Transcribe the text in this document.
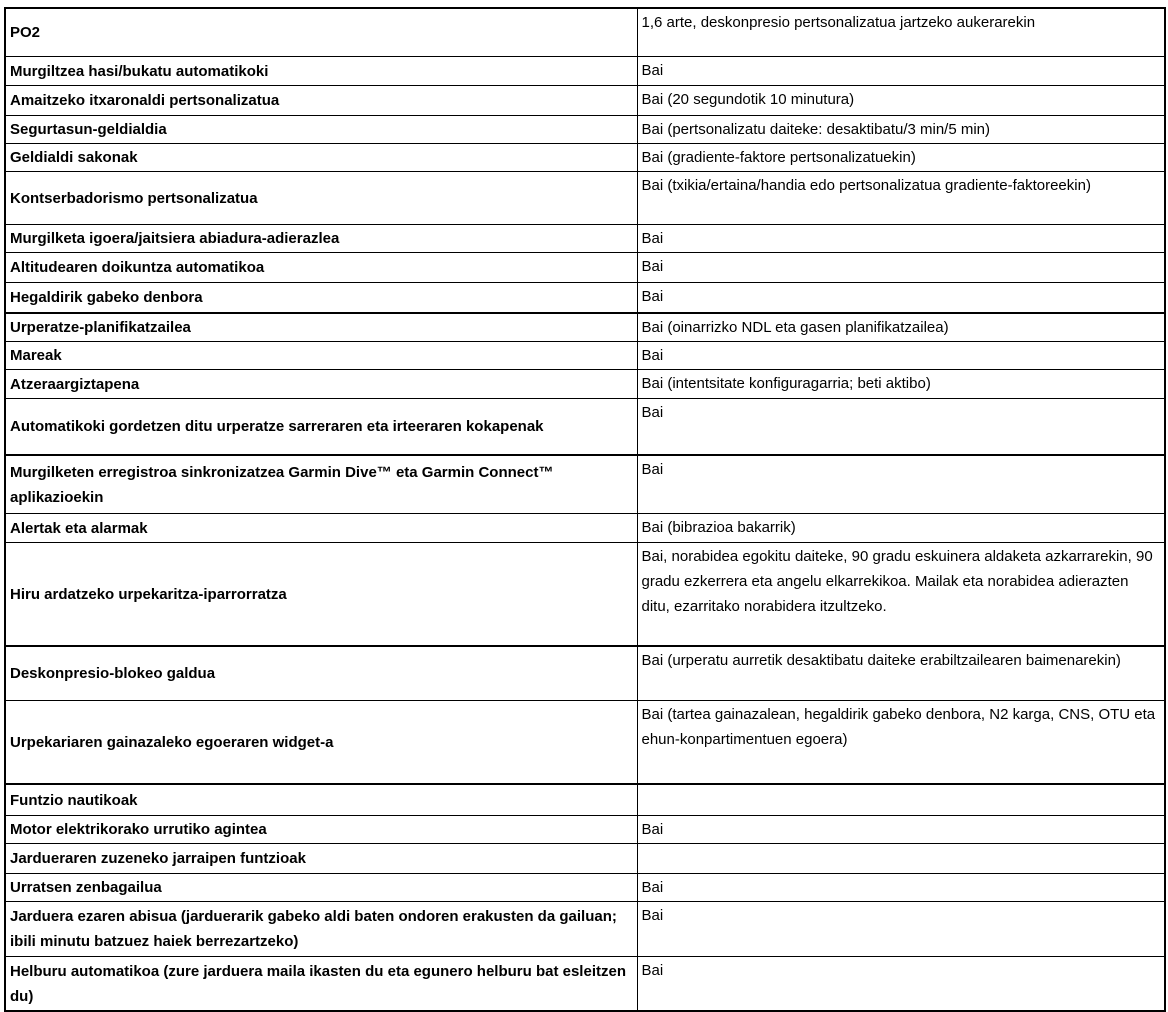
PO2	1,6 arte, deskonpresio pertsonalizatua jartzeko aukerarekin
Murgiltzea hasi/bukatu automatikoki	Bai
Amaitzeko itxaronaldi pertsonalizatua	Bai (20 segundotik 10 minutura)
Segurtasun-geldialdia	Bai (pertsonalizatu daiteke: desaktibatu/3 min/5 min)
Geldialdi sakonak	Bai (gradiente-faktore pertsonalizatuekin)
Kontserbadorismo pertsonalizatua	Bai (txikia/ertaina/handia edo pertsonalizatua gradiente-faktoreekin)
Murgilketa igoera/jaitsiera abiadura-adierazlea	Bai
Altitudearen doikuntza automatikoa	Bai
Hegaldirik gabeko denbora	Bai
Urperatze-planifikatzailea	Bai (oinarrizko NDL eta gasen planifikatzailea)
Mareak	Bai
Atzeraargiztapena	Bai (intentsitate konfiguragarria; beti aktibo)
Automatikoki gordetzen ditu urperatze sarreraren eta irteeraren kokapenak	Bai
Murgilketen erregistroa sinkronizatzea Garmin Dive™ eta Garmin Connect™ aplikazioekin	Bai
Alertak eta alarmak	Bai (bibrazioa bakarrik)
Hiru ardatzeko urpekaritza-iparrorratza	Bai, norabidea egokitu daiteke, 90 gradu eskuinera aldaketa azkarrarekin, 90 gradu ezkerrera eta angelu elkarrekikoa. Mailak eta norabidea adierazten ditu, ezarritako norabidera itzultzeko.
Deskonpresio-blokeo galdua	Bai (urperatu aurretik desaktibatu daiteke erabiltzailearen baimenarekin)
Urpekariaren gainazaleko egoeraren widget-a	Bai (tartea gainazalean, hegaldirik gabeko denbora, N2 karga, CNS, OTU eta ehun-konpartimentuen egoera)
Funtzio nautikoak	
Motor elektrikorako urrutiko agintea	Bai
Jardueraren zuzeneko jarraipen funtzioak	
Urratsen zenbagailua	Bai
Jarduera ezaren abisua (jarduerarik gabeko aldi baten ondoren erakusten da gailuan; ibili minutu batzuez haiek berrezartzeko)	Bai
Helburu automatikoa (zure jarduera maila ikasten du eta egunero helburu bat esleitzen du)	Bai
